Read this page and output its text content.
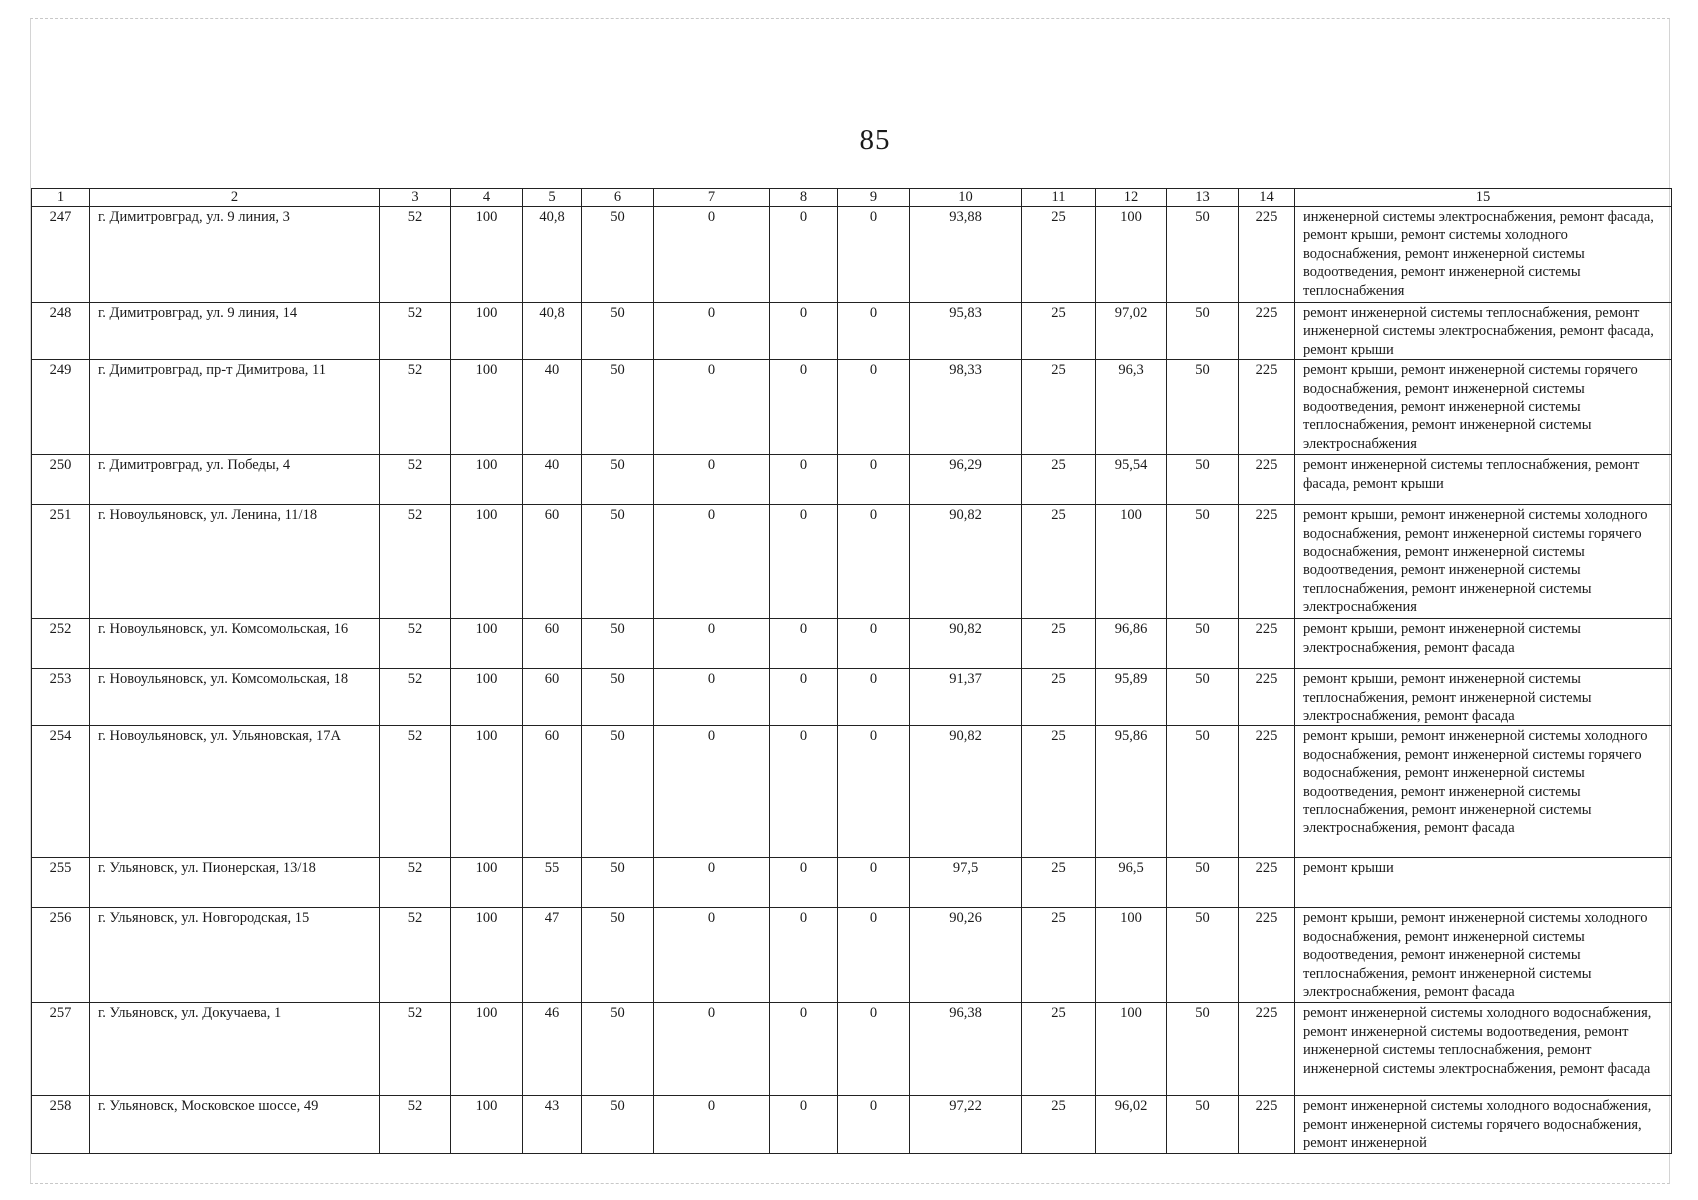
85
1	2	3	4	5	6	7	8	9	10	11	12	13	14	15
247	г. Димитровград, ул. 9 линия, 3	52	100	40,8	50	0	0	0	93,88	25	100	50	225	инженерной системы электроснабжения, ремонт фасада, ремонт крыши, ремонт системы холодного водоснабжения, ремонт инженерной системы водоотведения, ремонт инженерной системы теплоснабжения
248	г. Димитровград, ул. 9 линия, 14	52	100	40,8	50	0	0	0	95,83	25	97,02	50	225	ремонт инженерной системы теплоснабжения, ремонт инженерной системы электроснабжения, ремонт фасада, ремонт крыши
249	г. Димитровград, пр-т Димитрова, 11	52	100	40	50	0	0	0	98,33	25	96,3	50	225	ремонт крыши, ремонт инженерной системы горячего водоснабжения, ремонт инженерной системы водоотведения, ремонт инженерной системы теплоснабжения, ремонт инженерной системы электроснабжения
250	г. Димитровград, ул. Победы, 4	52	100	40	50	0	0	0	96,29	25	95,54	50	225	ремонт инженерной системы теплоснабжения, ремонт фасада, ремонт крыши
251	г. Новоульяновск, ул. Ленина, 11/18	52	100	60	50	0	0	0	90,82	25	100	50	225	ремонт крыши, ремонт инженерной системы холодного водоснабжения, ремонт инженерной системы горячего водоснабжения, ремонт инженерной системы водоотведения, ремонт инженерной системы теплоснабжения, ремонт инженерной системы электроснабжения
252	г. Новоульяновск, ул. Комсомольская, 16	52	100	60	50	0	0	0	90,82	25	96,86	50	225	ремонт крыши, ремонт инженерной системы электроснабжения, ремонт фасада
253	г. Новоульяновск, ул. Комсомольская, 18	52	100	60	50	0	0	0	91,37	25	95,89	50	225	ремонт крыши, ремонт инженерной системы теплоснабжения, ремонт инженерной системы электроснабжения, ремонт фасада
254	г. Новоульяновск, ул. Ульяновская, 17А	52	100	60	50	0	0	0	90,82	25	95,86	50	225	ремонт крыши, ремонт инженерной системы холодного водоснабжения, ремонт инженерной системы горячего водоснабжения, ремонт инженерной системы водоотведения, ремонт инженерной системы теплоснабжения, ремонт инженерной системы электроснабжения, ремонт фасада
255	г. Ульяновск, ул. Пионерская, 13/18	52	100	55	50	0	0	0	97,5	25	96,5	50	225	ремонт крыши
256	г. Ульяновск, ул. Новгородская, 15	52	100	47	50	0	0	0	90,26	25	100	50	225	ремонт крыши, ремонт инженерной системы холодного водоснабжения, ремонт инженерной системы водоотведения, ремонт инженерной системы теплоснабжения, ремонт инженерной системы электроснабжения, ремонт фасада
257	г. Ульяновск, ул. Докучаева, 1	52	100	46	50	0	0	0	96,38	25	100	50	225	ремонт инженерной системы холодного водоснабжения, ремонт инженерной системы водоотведения, ремонт инженерной системы теплоснабжения, ремонт инженерной системы электроснабжения, ремонт фасада
258	г. Ульяновск, Московское шоссе, 49	52	100	43	50	0	0	0	97,22	25	96,02	50	225	ремонт инженерной системы холодного водоснабжения, ремонт инженерной системы горячего водоснабжения, ремонт инженерной
